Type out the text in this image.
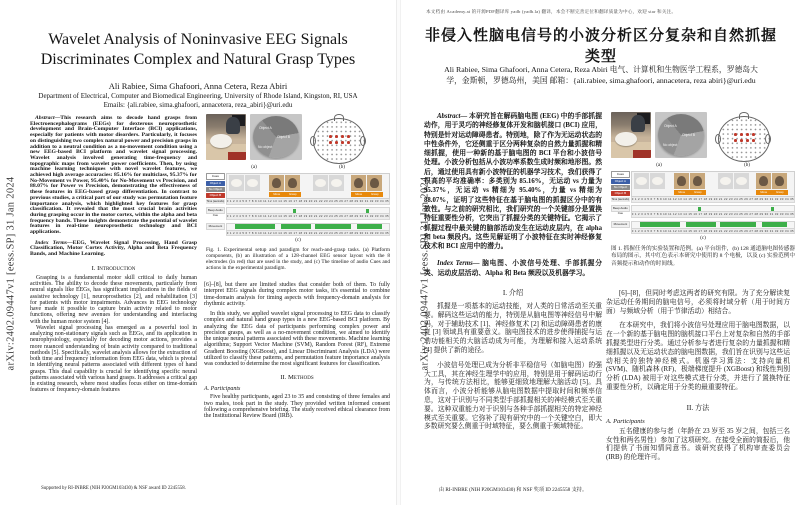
arXiv:2402.09447v1 [eess.SP] 31 Jan 2024
Wavelet Analysis of Noninvasive EEG Signals
Discriminates Complex and Natural Grasp Types
Ali Rabiee, Sima Ghafoori, Anna Cetera, Reza Abiri
Department of Electrical, Computer and Biomedical Engineering, University of Rhode Island, Kingston, RI, USA
Emails: {ali.rabiee, sima.ghafoori, annacetera, reza_abiri}@uri.edu
Abstract—This research aims to decode hand grasps from Electroencephalograms (EEGs) for dexterous neuroprosthetic development and Brain-Computer Interface (BCI) applications, especially for patients with motor disorders. Particularly, it focuses on distinguishing two complex natural power and precision grasps in addition to a neutral condition as a no-movement condition using a new EEG-based BCI platform and wavelet signal processing. Wavelet analysis involved generating time-frequency and topographic maps from wavelet power coefficients. Then, by using machine learning techniques with novel wavelet features, we achieved high average accuracies: 85.16% for multiclass, 95.37% for No-Movement vs Power, 95.40% for No-Movement vs Precision, and 88.07% for Power vs Precision, demonstrating the effectiveness of these features in EEG-based grasp differentiation. In contrast to previous studies, a critical part of our study was permutation feature importance analysis, which highlighted key features for grasp classification. It revealed that the most crucial brain activities during grasping occur in the motor cortex, within the alpha and beta frequency bands. These insights demonstrate the potential of wavelet features in real-time neuroprosthetic technology and BCI applications.
Index Terms—EEG, Wavelet Signal Processing, Hand Grasp Classification, Motor Cortex Activity, Alpha and Beta Frequency Bands, and Machine Learning.
I. Introduction

Grasping is a fundamental motor skill critical to daily human activities. The ability to decode these movements, particularly from neural signals like EEGs, has significant implications in the fields of assistive technology [1], neuroprosthetics [2], and rehabilitation [3] for patients with motor impairments. Advances in EEG technology have made it possible to capture brain activity related to motor functions, offering new avenues for understanding and interfacing with the human motor system [4].

Wavelet signal processing has emerged as a powerful tool in analyzing non-stationary signals such as EEGs, and its application in neurophysiology, especially for decoding motor actions, provides a more nuanced understanding of brain activity compared to traditional methods [5]. Specifically, wavelet analysis allows for the extraction of both time and frequency information from EEG data, which is pivotal in identifying neural patterns associated with different types of hand grasps. This dual capability is crucial for identifying specific neural patterns associated with various hand grasps. It addresses a critical gap in existing research, where most studies focus either on time-domain features or frequency-domain features

Supported by RI-INBRE (NIH P20GM103430) & NSF award ID 2245558.
Object A
Object B
No object
(a)	(b)
Cues
Object A
No Object
Object B
Time (seconds)
Move	Grasp	Move	Grasp
0 1 2 3 4 5 6 7 8 9 10 11 12 13 14 15 16 17 18 19 20 21 22 23 24 25 26 27 28 29 30 31 32 33 34 35
Beep Audio Cue	0 1 2 3 4 5 6 7 8 9 10 11 12 13 14 15 16 17 18 19 20 21 22 23 24 25 26 27 28 29 30 31 32 33 34 35
Movement
0 1 2 3 4 5 6 7 8 9 10 11 12 13 14 15 16 17 18 19 20 21 22 23 24 25 26 27 28 29 30 31 32 33 34 35
(c)
Fig. 1. Experimental setup and paradigm for reach-and-grasp tasks. (a) Platform components, (b) an illustration of a 128-channel EEG sensor layout with the 8 electrodes (in red) that are used in the study, and (c) The timeline of audio Cues and actions in the experimental paradigm.

[6]–[8], but there are limited studies that consider both of them. To fully interpret EEG signals during complex motor tasks, it's essential to combine time-domain analysis for timing aspects with frequency-domain analysis for rhythmic activity.

In this study, we applied wavelet signal processing to EEG data to classify complex and natural hand grasp types in a new EEG-based BCI platform. By analyzing the EEG data of participants performing complex power and precision grasps, as well as a no-movement condition, we aimed to identify the unique neural patterns associated with these movements. Machine learning algorithms; Support Vector Machine (SVM), Random Forest (RF), Extreme Gradient Boosting (XGBoost), and Linear Discriminant Analysis (LDA) were utilized to classify these patterns, and permutation feature importance analysis was conducted to determine the most significant features for classification.

II. Methods
A. Participants

Five healthy participants, aged 23 to 35 and consisting of three females and two males, took part in the study. They provided written informed consent following a comprehensive briefing. The study received ethical clearance from the Institutional Review Board (IRB).

arXiv:2402.09447v1 [eess.SP] 31 Jan 2024
本文档由 Academy.ai 的开源PDF翻译库 yadb (yadb.la) 翻译，本会不断完善定位和翻译质量为中心，欢迎 star 和关注。
非侵入性脑电信号的小波分析区分复杂和自然抓握类型
Ali Rabiee, Sima Ghafoori, Anna Cetera, Reza Abiri 电气、计算机和生物医学工程系，罗德岛大
学，金斯顿，罗德岛州，美国 邮箱：{ali.rabiee, sima.ghafoori, annacetera, reza abiri}@uri.edu
Abstract— 本研究旨在解码脑电图 (EEG) 中的手部抓握动作，用于灵巧的神经修复体开发和脑机接口 (BCI) 应用，特别是针对运动障碍患者。特别地，除了作为无运动状态的中性条件外，它还侧重于区分两种复杂的自然力量抓握和精细抓握，使用一种新的基于脑电图的 BCI 平台和小波信号处理。小波分析包括从小波功率系数生成时频和地形图。然后，通过使用具有新小波特征的机器学习技术，我们获得了很高的平均准确率：多类别为 85.16%，无运动 vs 力量为 95.37%，无运动 vs 精细为 95.40%，力量 vs 精细为 88.07%，证明了这些特征在基于脑电图的抓握区分中的有效性。与之前的研究相比，我们研究的一个关键部分是置换特征重要性分析，它突出了抓握分类的关键特征。它揭示了抓握过程中最关键的脑部活动发生在运动皮层内，在 alpha 和 beta 频段内。这些见解证明了小波特征在实时神经修复技术和 BCI 应用中的潜力。
Index Terms— 脑电图、小波信号处理、手部抓握分类、运动皮层活动、Alpha 和 Beta 频段以及机器学习。
I. 介绍

抓握是一项基本的运动技能，对人类的日常活动至关重要。解码这些运动的能力，特别是从脑电图等神经信号中解码，对于辅助技术 [1]、神经修复术 [2] 和运动障碍患者的康复 [3] 领域具有重要意义。脑电图技术的进步使得捕捉与运动功能相关的大脑活动成为可能，为理解和接入运动系统 [4] 提供了新的途径。

小波信号处理已成为分析非平稳信号（如脑电图）的强大工具，其在神经生理学中的应用，特别是用于解码运动行为，与传统方法相比，能够更细致地理解大脑活动 [5]。具体而言，小波分析能够从脑电图数据中提取时间和频率信息，这对于识别与不同类型手部抓握相关的神经模式至关重要。这种双重能力对于识别与各种手部抓握相关的特定神经模式至关重要。它弥补了现有研究中的一个关键空白，即大多数研究要么侧重于时域特征，要么侧重于频域特征。

由 RI-INBRE (NIH P20GM103430) 和 NSF 奖项 ID 2245558 支持。
Object A
Object B
No object
(a)	(b)
Cues
Object A
No Object
Object B
Time (seconds)
Move	Grasp	Move	Grasp
0 1 2 3 4 5 6 7 8 9 10 11 12 13 14 15 16 17 18 19 20 21 22 23 24 25 26 27 28 29 30 31 32 33 34 35
Beep Audio Cue	0 1 2 3 4 5 6 7 8 9 10 11 12 13 14 15 16 17 18 19 20 21 22 23 24 25 26 27 28 29 30 31 32 33 34 35
Movement
0 1 2 3 4 5 6 7 8 9 10 11 12 13 14 15 16 17 18 19 20 21 22 23 24 25 26 27 28 29 30 31 32 33 34 35
(c)
图 1. 抓握任务的实验装置和范例。(a) 平台组件，(b) 128 通道脑电图传感器布局的图示，其中红色表示本研究中使用的 8 个电极，以及 (c) 实验范例中音频提示和动作的时间线。

[6]–[8]，但同时考虑这两者的研究有限。为了充分解读复杂运动任务期间的脑电信号，必须将时域分析（用于时间方面）与频域分析（用于节律活动）相结合。

在本研究中，我们将小波信号处理应用于脑电图数据，以在一个新的基于脑电图的脑机接口平台上对复杂和自然的手部抓握类型进行分类。通过分析参与者进行复杂的力量抓握和精细抓握以及无运动状态的脑电图数据，我们旨在识别与这些运动相关的独特神经模式。机器学习算法：支持向量机 (SVM)、随机森林 (RF)、极端梯度提升 (XGBoost) 和线性判别分析 (LDA) 被用于对这些模式进行分类，并进行了置换特征重要性分析，以确定用于分类的最重要特征。

II. 方法
A. Participants

五名健康的参与者（年龄在 23 岁至 35 岁之间，包括三名女性和两名男性）参加了这项研究。在接受全面的简报后，他们提供了书面知情同意书。该研究获得了机构审查委员会 (IRB) 的伦理许可。
